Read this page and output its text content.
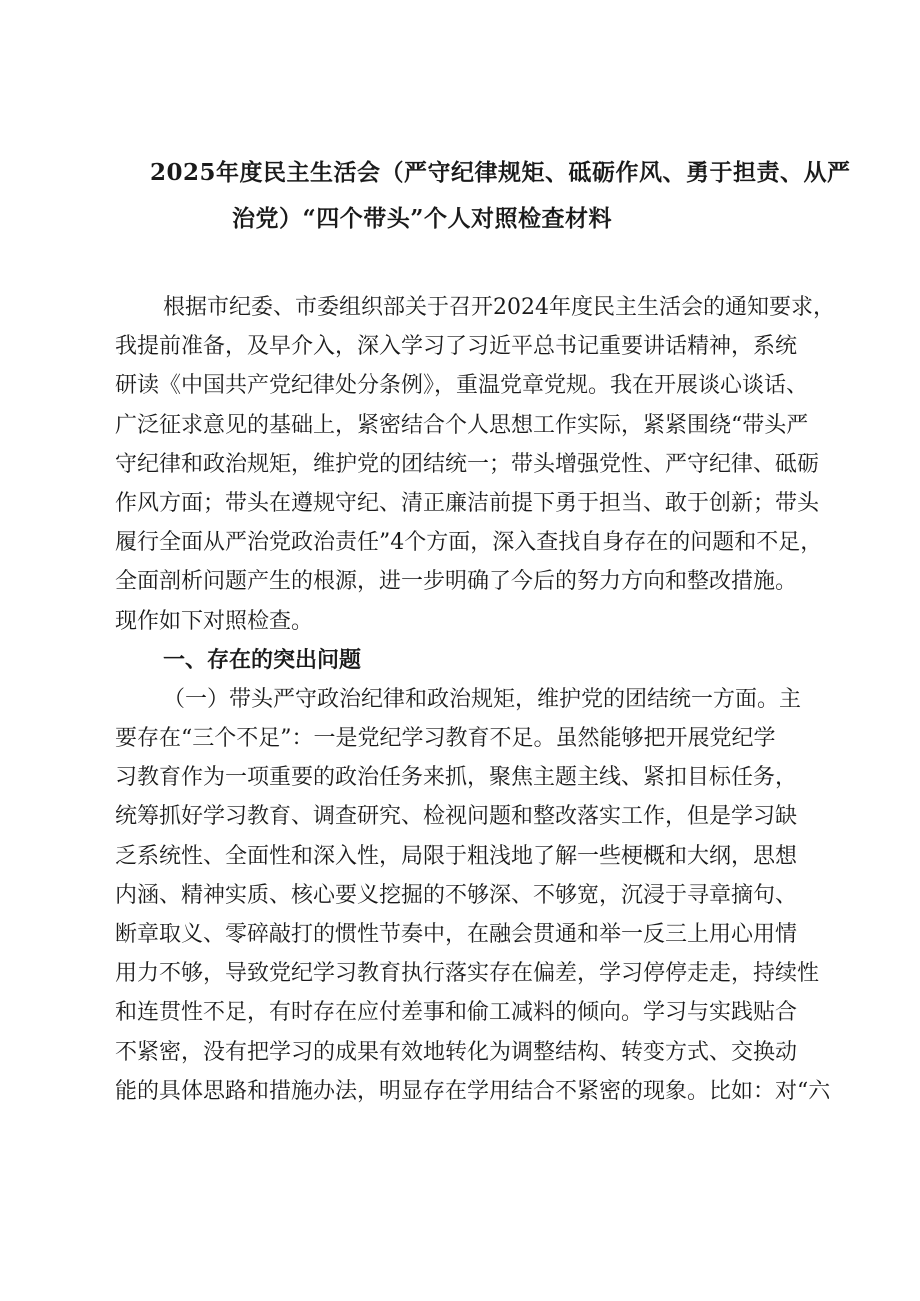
2025年度民主生活会（严守纪律规矩、砥砺作风、勇于担责、从严
治党）“四个带头”个人对照检查材料
根据市纪委、市委组织部关于召开2024年度民主生活会的通知要求，
我提前准备，及早介入，深入学习了习近平总书记重要讲话精神，系统
研读《中国共产党纪律处分条例》，重温党章党规。我在开展谈心谈话、
广泛征求意见的基础上，紧密结合个人思想工作实际，紧紧围绕“带头严
守纪律和政治规矩，维护党的团结统一；带头增强党性、严守纪律、砥砺
作风方面；带头在遵规守纪、清正廉洁前提下勇于担当、敢于创新；带头
履行全面从严治党政治责任”4个方面，深入查找自身存在的问题和不足，
全面剖析问题产生的根源，进一步明确了今后的努力方向和整改措施。
现作如下对照检查。
一、存在的突出问题
（一）带头严守政治纪律和政治规矩，维护党的团结统一方面。主
要存在“三个不足”：一是党纪学习教育不足。虽然能够把开展党纪学
习教育作为一项重要的政治任务来抓，聚焦主题主线、紧扣目标任务，
统筹抓好学习教育、调查研究、检视问题和整改落实工作，但是学习缺
乏系统性、全面性和深入性，局限于粗浅地了解一些梗概和大纲，思想
内涵、精神实质、核心要义挖掘的不够深、不够宽，沉浸于寻章摘句、
断章取义、零碎敲打的惯性节奏中，在融会贯通和举一反三上用心用情
用力不够，导致党纪学习教育执行落实存在偏差，学习停停走走，持续性
和连贯性不足，有时存在应付差事和偷工减料的倾向。学习与实践贴合
不紧密，没有把学习的成果有效地转化为调整结构、转变方式、交换动
能的具体思路和措施办法，明显存在学用结合不紧密的现象。比如：对“六
